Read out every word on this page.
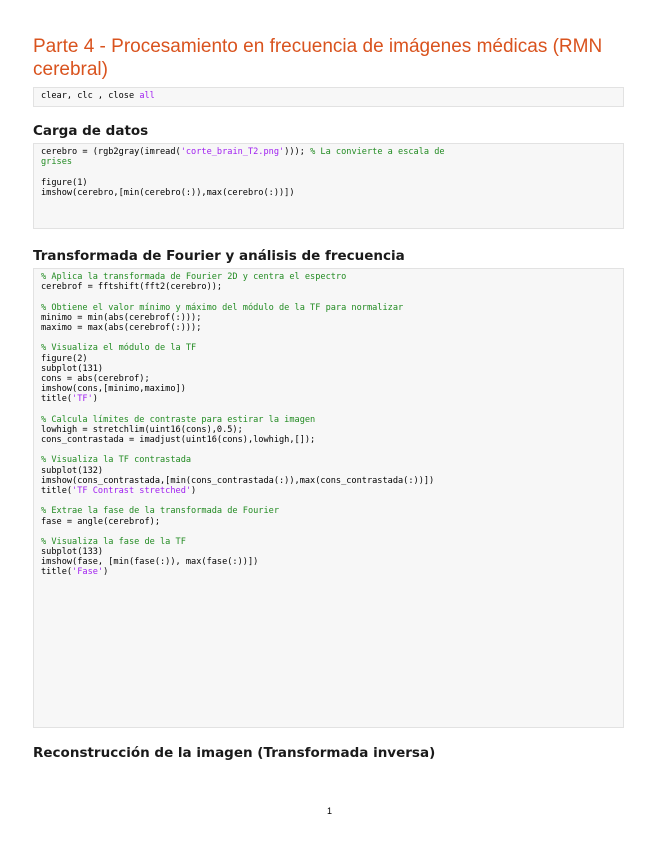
Parte 4 - Procesamiento en frecuencia de imágenes médicas (RMN cerebral)
clear, clc , close all
Carga de datos
cerebro = (rgb2gray(imread('corte_brain_T2.png'))); % La convierte a escala de
grises

figure(1)
imshow(cerebro,[min(cerebro(:)),max(cerebro(:))])
Transformada de Fourier y análisis de frecuencia
% Aplica la transformada de Fourier 2D y centra el espectro
cerebrof = fftshift(fft2(cerebro));

% Obtiene el valor mínimo y máximo del módulo de la TF para normalizar
minimo = min(abs(cerebrof(:)));
maximo = max(abs(cerebrof(:)));

% Visualiza el módulo de la TF
figure(2)
subplot(131)
cons = abs(cerebrof);
imshow(cons,[minimo,maximo])
title('TF')

% Calcula límites de contraste para estirar la imagen
lowhigh = stretchlim(uint16(cons),0.5);
cons_contrastada = imadjust(uint16(cons),lowhigh,[]);

% Visualiza la TF contrastada
subplot(132)
imshow(cons_contrastada,[min(cons_contrastada(:)),max(cons_contrastada(:))])
title('TF Contrast stretched')

% Extrae la fase de la transformada de Fourier
fase = angle(cerebrof);

% Visualiza la fase de la TF
subplot(133)
imshow(fase, [min(fase(:)), max(fase(:))])
title('Fase')
Reconstrucción de la imagen (Transformada inversa)
1
